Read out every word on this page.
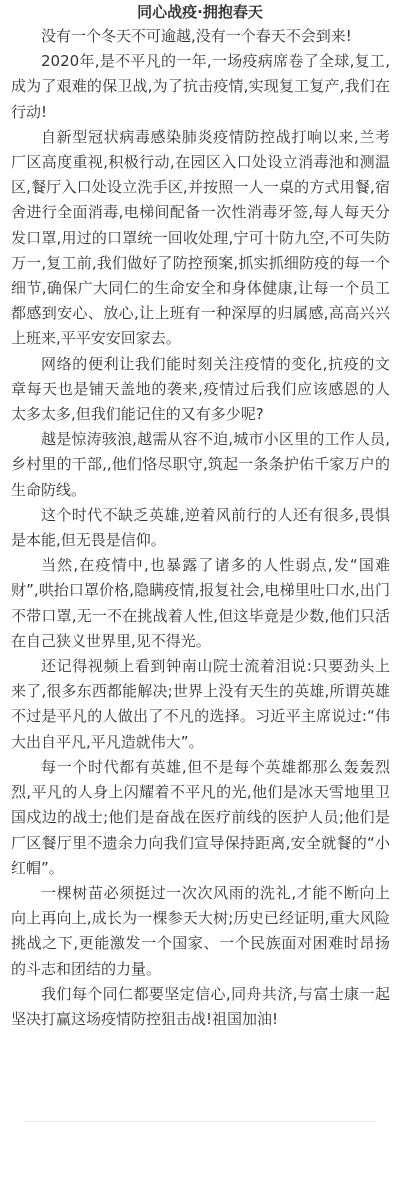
同心战疫·拥抱春天

没有一个冬天不可逾越,没有一个春天不会到来!

2020年,是不平凡的一年,一场疫病席卷了全球,复工,成为了艰难的保卫战,为了抗击疫情,实现复工复产,我们在行动!

自新型冠状病毒感染肺炎疫情防控战打响以来,兰考厂区高度重视,积极行动,在园区入口处设立消毒池和测温区,餐厅入口处设立洗手区,并按照一人一桌的方式用餐,宿舍进行全面消毒,电梯间配备一次性消毒牙签,每人每天分发口罩,用过的口罩统一回收处理,宁可十防九空,不可失防万一,复工前,我们做好了防控预案,抓实抓细防疫的每一个细节,确保广大同仁的生命安全和身体健康,让每一个员工都感到安心、放心,让上班有一种深厚的归属感,高高兴兴上班来,平平安安回家去。

网络的便利让我们能时刻关注疫情的变化,抗疫的文章每天也是铺天盖地的袭来,疫情过后我们应该感恩的人太多太多,但我们能记住的又有多少呢?

越是惊涛骇浪,越需从容不迫,城市小区里的工作人员,乡村里的干部,,他们恪尽职守,筑起一条条护佑千家万户的生命防线。

这个时代不缺乏英雄,逆着风前行的人还有很多,畏惧是本能,但无畏是信仰。

当然,在疫情中,也暴露了诸多的人性弱点,发“国难财”,哄抬口罩价格,隐瞒疫情,报复社会,电梯里吐口水,出门不带口罩,无一不在挑战着人性,但这毕竟是少数,他们只活在自己狭义世界里,见不得光。

还记得视频上看到钟南山院士流着泪说:只要劲头上来了,很多东西都能解决;世界上没有天生的英雄,所谓英雄不过是平凡的人做出了不凡的选择。习近平主席说过:“伟大出自平凡,平凡造就伟大”。

每一个时代都有英雄,但不是每个英雄都那么轰轰烈烈,平凡的人身上闪耀着不平凡的光,他们是冰天雪地里卫国戍边的战士;他们是奋战在医疗前线的医护人员;他们是厂区餐厅里不遗余力向我们宣导保持距离,安全就餐的“小红帽”。

一棵树苗必须挺过一次次风雨的洗礼,才能不断向上向上再向上,成长为一棵参天大树;历史已经证明,重大风险挑战之下,更能激发一个国家、一个民族面对困难时昂扬的斗志和团结的力量。

我们每个同仁都要坚定信心,同舟共济,与富士康一起坚决打赢这场疫情防控狙击战!祖国加油!
